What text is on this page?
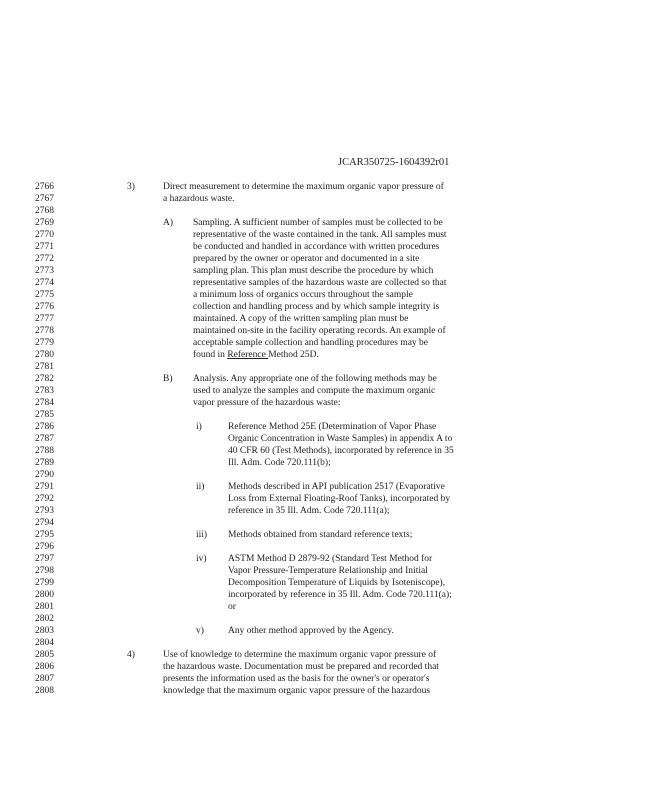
JCAR350725-1604392r01
2766
2767
2768
2769
2770
2771
2772
2773
2774
2775
2776
2777
2778
2779
2780
2781
2782
2783
2784
2785
2786
2787
2788
2789
2790
2791
2792
2793
2794
2795
2796
2797
2798
2799
2800
2801
2802
2803
2804
2805
2806
2807
2808
3)	Direct measurement to determine the maximum organic vapor pressure of
a hazardous waste.
A) Sampling. A sufficient number of samples must be collected to be
representative of the waste contained in the tank. All samples must
be conducted and handled in accordance with written procedures
prepared by the owner or operator and documented in a site
sampling plan. This plan must describe the procedure by which
representative samples of the hazardous waste are collected so that
a minimum loss of organics occurs throughout the sample
collection and handling process and by which sample integrity is
maintained. A copy of the written sampling plan must be
maintained on-site in the facility operating records. An example of
acceptable sample collection and handling procedures may be
found in Reference Method 25D.
B) Analysis. Any appropriate one of the following methods may be
used to analyze the samples and compute the maximum organic
vapor pressure of the hazardous waste:
i)	Reference Method 25E (Determination of Vapor Phase
Organic Concentration in Waste Samples) in appendix A to
40 CFR 60 (Test Methods), incorporated by reference in 35
Ill. Adm. Code 720.111(b);
ii) Methods described in API publication 2517 (Evaporative
Loss from External Floating-Roof Tanks), incorporated by
reference in 35 Ill. Adm. Code 720.111(a);
iii) Methods obtained from standard reference texts;
iv) ASTM Method D 2879-92 (Standard Test Method for
Vapor Pressure-Temperature Relationship and Initial
Decomposition Temperature of Liquids by Isoteniscope),
incorporated by reference in 35 Ill. Adm. Code 720.111(a);
or
v)	Any other method approved by the Agency.
4)	Use of knowledge to determine the maximum organic vapor pressure of
the hazardous waste. Documentation must be prepared and recorded that
presents the information used as the basis for the owner's or operator's
knowledge that the maximum organic vapor pressure of the hazardous
